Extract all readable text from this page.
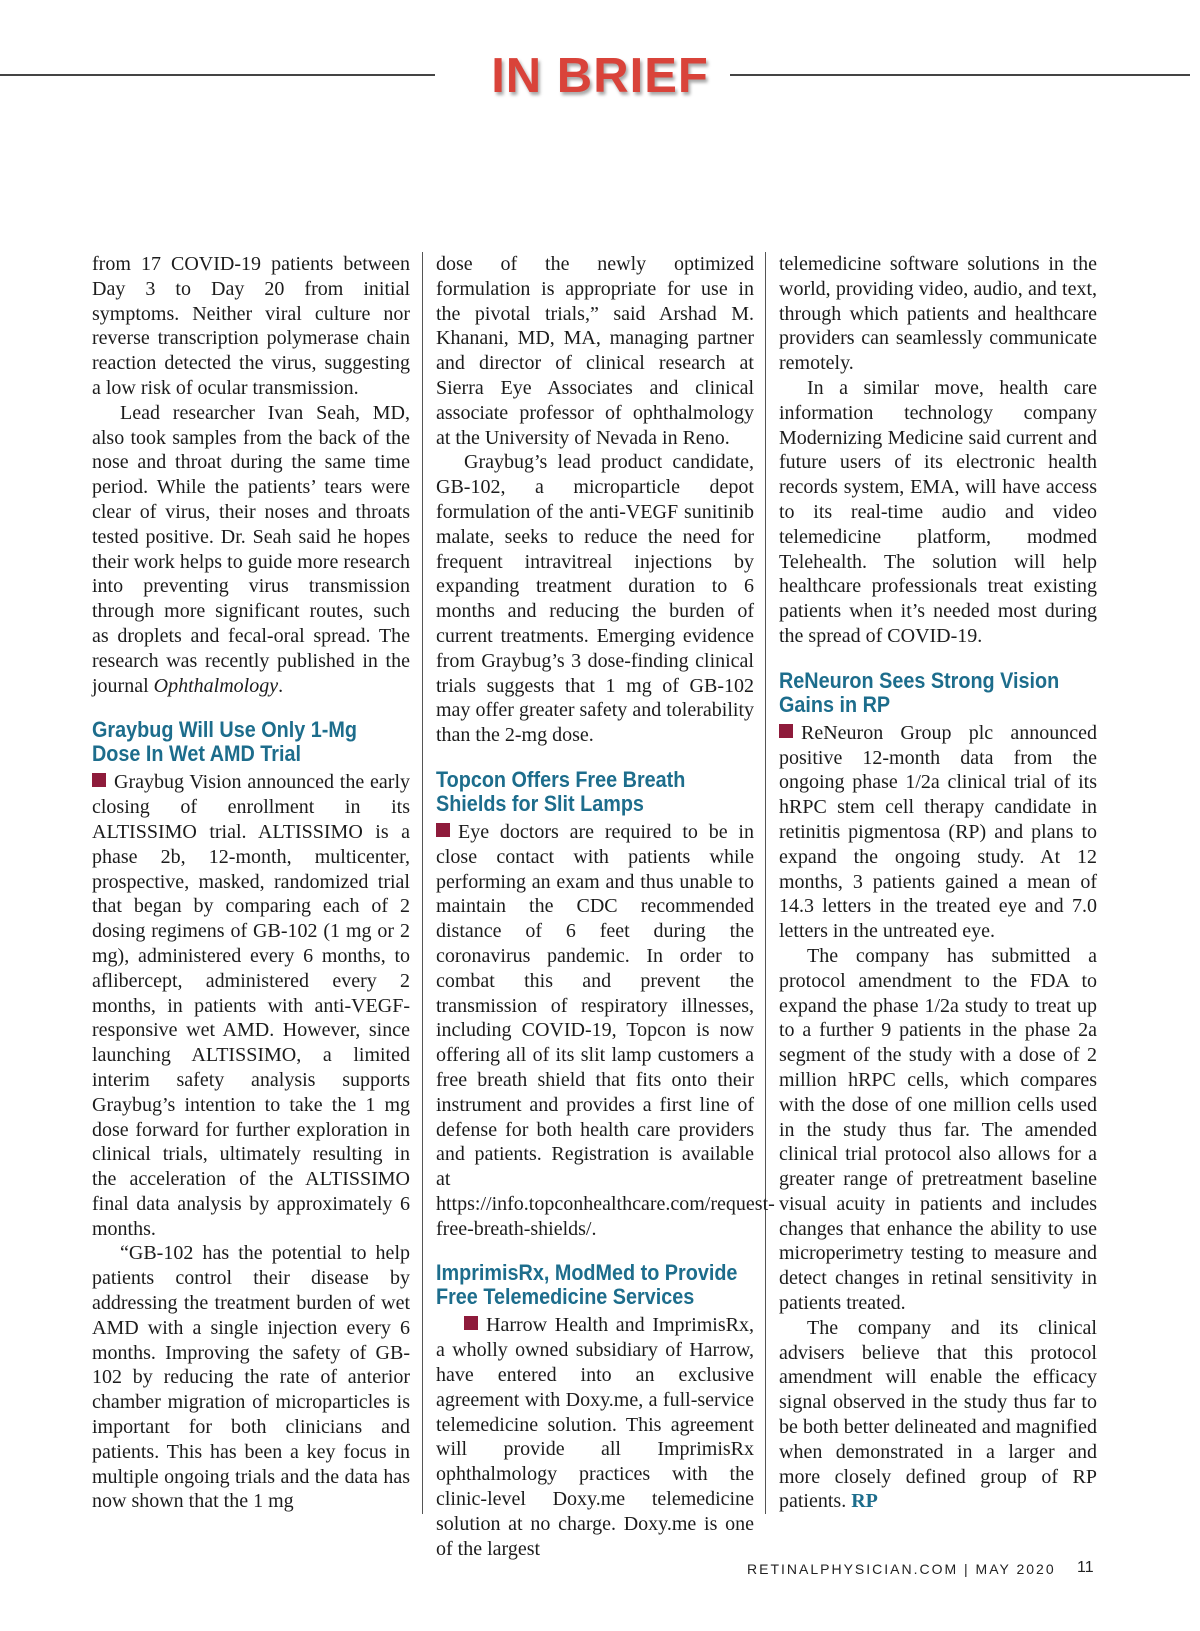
IN BRIEF

from 17 COVID-19 patients between Day 3 to Day 20 from initial symptoms. Neither viral culture nor reverse transcription polymerase chain reaction detected the virus, suggesting a low risk of ocular transmission.

Lead researcher Ivan Seah, MD, also took samples from the back of the nose and throat during the same time period. While the patients’ tears were clear of virus, their noses and throats tested positive. Dr. Seah said he hopes their work helps to guide more research into preventing virus transmission through more significant routes, such as droplets and fecal-oral spread. The research was recently published in the journal Ophthalmology.

Graybug Will Use Only 1-Mg Dose In Wet AMD Trial

Graybug Vision announced the early closing of enrollment in its ALTISSIMO trial. ALTISSIMO is a phase 2b, 12-month, multicenter, prospective, masked, randomized trial that began by comparing each of 2 dosing regimens of GB-102 (1 mg or 2 mg), administered every 6 months, to aflibercept, administered every 2 months, in patients with anti-VEGF-responsive wet AMD. However, since launching ALTISSIMO, a limited interim safety analysis supports Graybug’s intention to take the 1 mg dose forward for further exploration in clinical trials, ultimately resulting in the acceleration of the ALTISSIMO final data analysis by approximately 6 months.

“GB-102 has the potential to help patients control their disease by addressing the treatment burden of wet AMD with a single injection every 6 months. Improving the safety of GB-102 by reducing the rate of anterior chamber migration of microparticles is important for both clinicians and patients. This has been a key focus in multiple ongoing trials and the data has now shown that the 1 mg

dose of the newly optimized formulation is appropriate for use in the pivotal trials,” said Arshad M. Khanani, MD, MA, managing partner and director of clinical research at Sierra Eye Associates and clinical associate professor of ophthalmology at the University of Nevada in Reno.

Graybug’s lead product candidate, GB-102, a microparticle depot formulation of the anti-VEGF sunitinib malate, seeks to reduce the need for frequent intravitreal injections by expanding treatment duration to 6 months and reducing the burden of current treatments. Emerging evidence from Graybug’s 3 dose-finding clinical trials suggests that 1 mg of GB-102 may offer greater safety and tolerability than the 2-mg dose.

Topcon Offers Free Breath Shields for Slit Lamps

Eye doctors are required to be in close contact with patients while performing an exam and thus unable to maintain the CDC recommended distance of 6 feet during the coronavirus pandemic. In order to combat this and prevent the transmission of respiratory illnesses, including COVID-19, Topcon is now offering all of its slit lamp customers a free breath shield that fits onto their instrument and provides a first line of defense for both health care providers and patients. Registration is available at https://info.topconhealthcare.com/request-free-breath-shields/.

ImprimisRx, ModMed to Provide Free Telemedicine Services

Harrow Health and ImprimisRx, a wholly owned subsidiary of Harrow, have entered into an exclusive agreement with Doxy.me, a full-service telemedicine solution. This agreement will provide all ImprimisRx ophthalmology practices with the clinic-level Doxy.me telemedicine solution at no charge. Doxy.me is one of the largest

telemedicine software solutions in the world, providing video, audio, and text, through which patients and healthcare providers can seamlessly communicate remotely.

In a similar move, health care information technology company Modernizing Medicine said current and future users of its electronic health records system, EMA, will have access to its real-time audio and video telemedicine platform, modmed Telehealth. The solution will help healthcare professionals treat existing patients when it’s needed most during the spread of COVID-19.

ReNeuron Sees Strong Vision Gains in RP

ReNeuron Group plc announced positive 12-month data from the ongoing phase 1/2a clinical trial of its hRPC stem cell therapy candidate in retinitis pigmentosa (RP) and plans to expand the ongoing study. At 12 months, 3 patients gained a mean of 14.3 letters in the treated eye and 7.0 letters in the untreated eye.

The company has submitted a protocol amendment to the FDA to expand the phase 1/2a study to treat up to a further 9 patients in the phase 2a segment of the study with a dose of 2 million hRPC cells, which compares with the dose of one million cells used in the study thus far. The amended clinical trial protocol also allows for a greater range of pretreatment baseline visual acuity in patients and includes changes that enhance the ability to use microperimetry testing to measure and detect changes in retinal sensitivity in patients treated.

The company and its clinical advisers believe that this protocol amendment will enable the efficacy signal observed in the study thus far to be both better delineated and magnified when demonstrated in a larger and more closely defined group of RP patients. RP

RETINALPHYSICIAN.COM | MAY 2020 11
